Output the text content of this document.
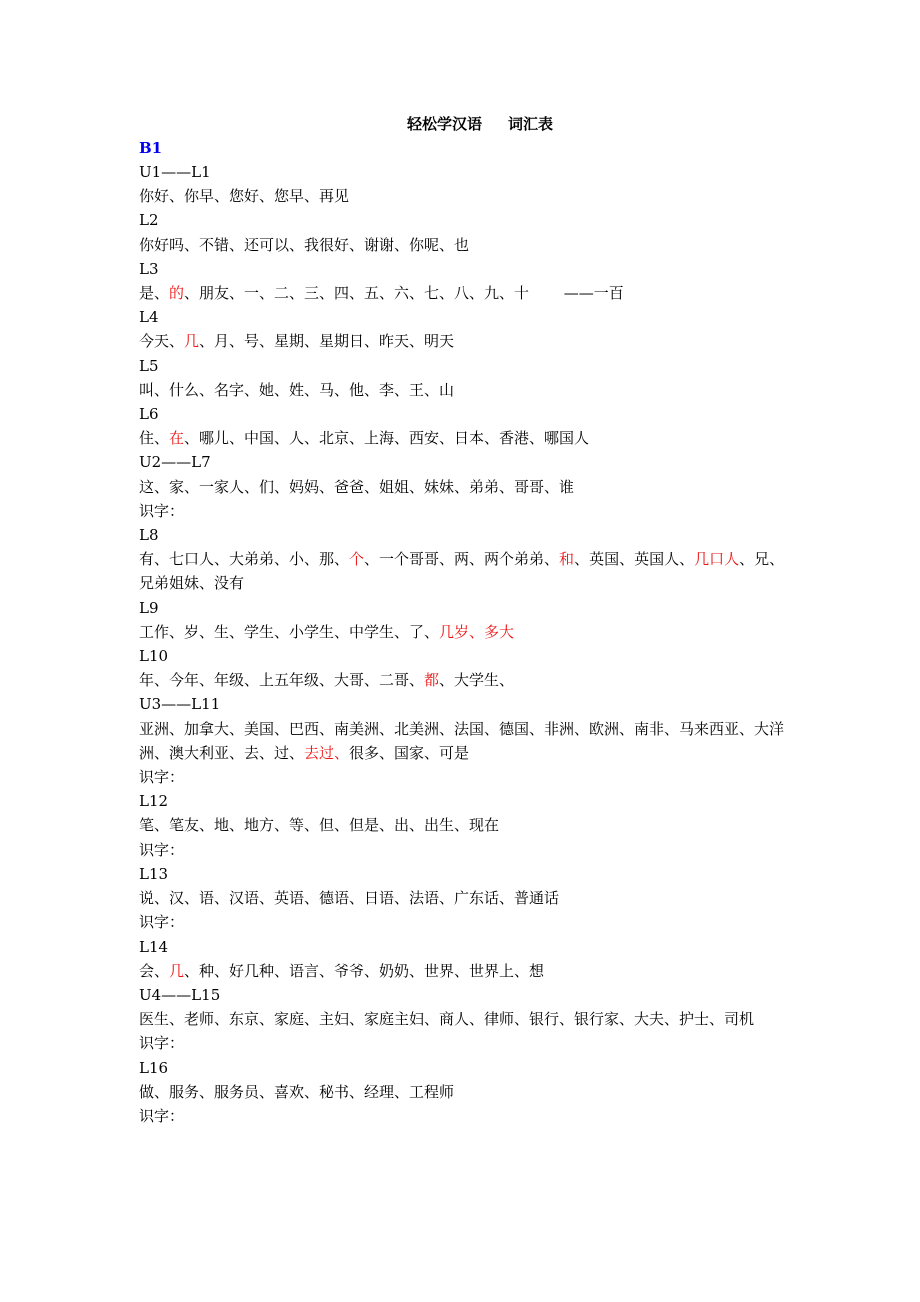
轻松学汉语 词汇表
B1
U1——L1
你好、你早、您好、您早、再见
L2
你好吗、不错、还可以、我很好、谢谢、你呢、也
L3
是、的、朋友、一、二、三、四、五、六、七、八、九、十 　　——一百
L4
今天、几、月、号、星期、星期日、昨天、明天
L5
叫、什么、名字、她、姓、马、他、李、王、山
L6
住、在、哪儿、中国、人、北京、上海、西安、日本、香港、哪国人
U2——L7
这、家、一家人、们、妈妈、爸爸、姐姐、妹妹、弟弟、哥哥、谁
识字：
L8
有、七口人、大弟弟、小、那、个、一个哥哥、两、两个弟弟、和、英国、英国人、几口人、兄、兄弟姐妹、没有
L9
工作、岁、生、学生、小学生、中学生、了、几岁、多大
L10
年、今年、年级、上五年级、大哥、二哥、都、大学生、
U3——L11
亚洲、加拿大、美国、巴西、南美洲、北美洲、法国、德国、非洲、欧洲、南非、马来西亚、大洋洲、澳大利亚、去、过、去过、很多、国家、可是
识字：
L12
笔、笔友、地、地方、等、但、但是、出、出生、现在
识字：
L13
说、汉、语、汉语、英语、德语、日语、法语、广东话、普通话
识字：
L14
会、几、种、好几种、语言、爷爷、奶奶、世界、世界上、想
U4——L15
医生、老师、东京、家庭、主妇、家庭主妇、商人、律师、银行、银行家、大夫、护士、司机
识字：
L16
做、服务、服务员、喜欢、秘书、经理、工程师
识字：
